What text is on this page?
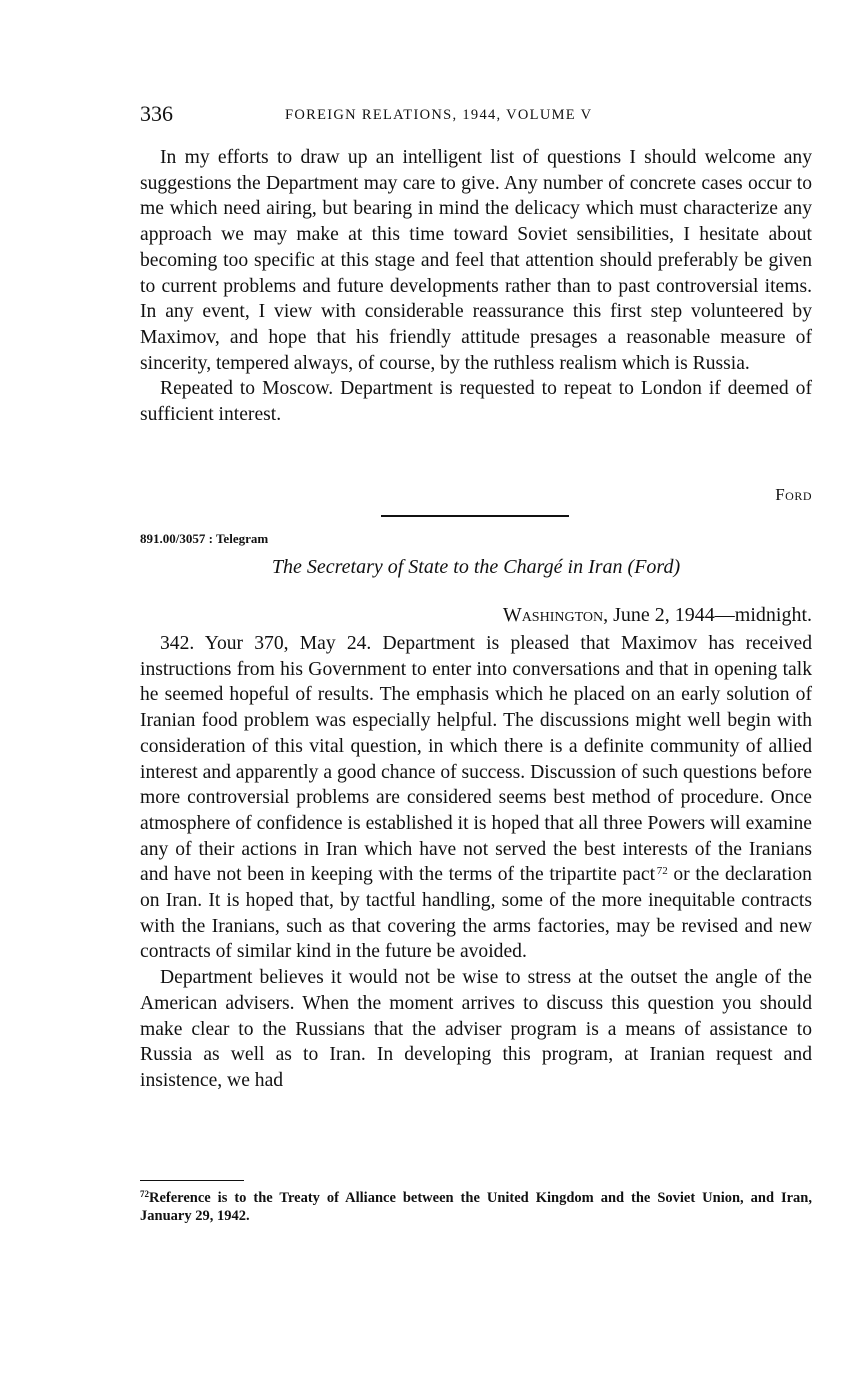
336	FOREIGN RELATIONS, 1944, VOLUME V

In my efforts to draw up an intelligent list of questions I should welcome any suggestions the Department may care to give. Any number of concrete cases occur to me which need airing, but bearing in mind the delicacy which must characterize any approach we may make at this time toward Soviet sensibilities, I hesitate about becoming too specific at this stage and feel that attention should preferably be given to current problems and future developments rather than to past controversial items. In any event, I view with considerable reassurance this first step volunteered by Maximov, and hope that his friendly attitude presages a reasonable measure of sincerity, tempered always, of course, by the ruthless realism which is Russia.

Repeated to Moscow. Department is requested to repeat to London if deemed of sufficient interest.

Ford
891.00/3057 : Telegram
The Secretary of State to the Chargé in Iran (Ford)
Washington, June 2, 1944—midnight.

342. Your 370, May 24. Department is pleased that Maximov has received instructions from his Government to enter into conversations and that in opening talk he seemed hopeful of results. The emphasis which he placed on an early solution of Iranian food problem was especially helpful. The discussions might well begin with consideration of this vital question, in which there is a definite community of allied interest and apparently a good chance of success. Discussion of such questions before more controversial problems are considered seems best method of procedure. Once atmosphere of confidence is established it is hoped that all three Powers will examine any of their actions in Iran which have not served the best interests of the Iranians and have not been in keeping with the terms of the tripartite pact  $^{72}$ or the declaration on Iran. It is hoped that, by tactful handling, some of the more inequitable contracts with the Iranians, such as that covering the arms factories, may be revised and new contracts of similar kind in the future be avoided.

Department believes it would not be wise to stress at the outset the angle of the American advisers. When the moment arrives to discuss this question you should make clear to the Russians that the adviser program is a means of assistance to Russia as well as to Iran. In developing this program, at Iranian request and insistence, we had

$^{72}$Reference is to the Treaty of Alliance between the United Kingdom and the Soviet Union, and Iran, January 29, 1942.
